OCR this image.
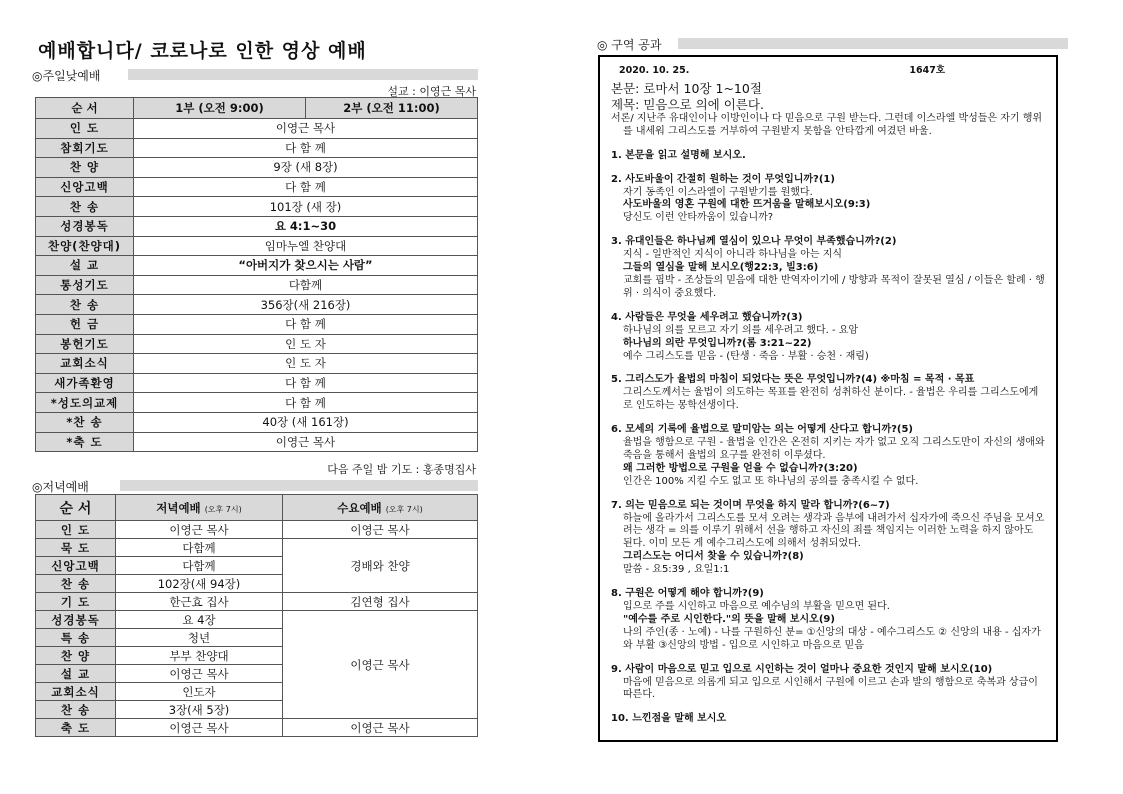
예배합니다/ 코로나로 인한 영상 예배
◎주일낮예배
설교 : 이영근 목사
순 서	1부 (오전 9:00)	2부 (오전 11:00)
인 도	이영근 목사	
참회기도	다 함 께	
찬 양	9장 (새 8장)	
신앙고백	다 함 께	
찬 송	101장 (새 장)	
성경봉독	요 4:1~30	
찬양(찬양대)	임마누엘 찬양대	
설 교	“아버지가 찾으시는 사람”	
통성기도	다함께	
찬 송	356장(새 216장)	
헌 금	다 함 께	
봉헌기도	인 도 자	
교회소식	인 도 자	
새가족환영	다 함 께	
*성도의교제	다 함 께	
*찬 송	40장 (새 161장)	
*축 도	이영근 목사	
다음 주일 밤 기도 : 홍종명집사
◎저녁예배
순 서	저녁예배 (오후 7시)	수요예배 (오후 7시)
인 도	이영근 목사	이영근 목사
묵 도	다함께	경배와 찬양
신앙고백	다함께	
찬 송	102장(새 94장)	
기 도	한근효 집사	김연형 집사
성경봉독	요 4장	이영근 목사
특 송	청년	
찬 양	부부 찬양대	
설 교	이영근 목사	
교회소식	인도자	
찬 송	3장(새 5장)	
축 도	이영근 목사	이영근 목사
◎ 구역 공과

2020. 10. 25.	1647호

본문: 로마서 10장 1~10절

제목: 믿음으로 의에 이른다.

서론/ 지난주 유대인이나 이방인이나 다 믿음으로 구원 받는다. 그런데 이스라엘 박성들은 자기 행위를 내세워 그리스도를 거부하여 구원받지 못함을 안타깝게 여겼던 바울.

1. 본문을 읽고 설명해 보시오.

2. 사도바울이 간절히 원하는 것이 무엇입니까?(1)

자기 동족인 이스라엘이 구원받기를 원했다.

사도바울의 영혼 구원에 대한 뜨거움을 말해보시오(9:3)

당신도 이런 안타까움이 있습니까?

3. 유대인들은 하나님께 열심이 있으나 무엇이 부족했습니까?(2)

지식 - 일반적인 지식이 아니라 하나님을 아는 지식

그들의 열심을 말해 보시오(행22:3, 빌3:6)

교회를 핍박 - 조상들의 믿음에 대한 반역자이기에 / 방향과 목적이 잘못된 열심 / 이들은 할례 · 행위 · 의식이 중요했다.

4. 사람들은 무엇을 세우려고 했습니까?(3)

하나님의 의를 모르고 자기 의를 세우려고 했다. - 요암

하나님의 의란 무엇입니까?(롬 3:21~22)

예수 그리스도를 믿음 - (탄생 · 죽음 · 부활 · 승천 · 재림)

5. 그리스도가 율법의 마침이 되었다는 뜻은 무엇입니까?(4) ※마침 = 목적 · 목표

그리스도께서는 율법이 의도하는 목표를 완전히 성취하신 분이다. - 율법은 우리를 그리스도에게로 인도하는 몽학선생이다.

6. 모세의 기록에 율법으로 말미암는 의는 어떻게 산다고 합니까?(5)

율법을 행함으로 구원 - 율법을 인간은 온전히 지키는 자가 없고 오직 그리스도만이 자신의 생애와 죽음을 통해서 율법의 요구를 완전히 이루셨다.

왜 그러한 방법으로 구원을 얻을 수 없습니까?(3:20)

인간은 100% 지킬 수도 없고 또 하나님의 공의를 충족시킬 수 없다.

7. 의는 믿음으로 되는 것이며 무엇을 하지 말라 합니까?(6~7)

하늘에 올라가서 그리스도를 모셔 오려는 생각과 음부에 내려가서 십자가에 죽으신 주님을 모셔오려는 생각 = 의를 이루기 위해서 선을 행하고 자신의 죄를 책임지는 이러한 노력을 하지 않아도 된다. 이미 모든 게 예수그리스도에 의해서 성취되었다.

그리스도는 어디서 찾을 수 있습니까?(8)

말씀 - 요5:39 , 요일1:1

8. 구원은 어떻게 해야 합니까?(9)

입으로 주를 시인하고 마음으로 예수님의 부활을 믿으면 된다.

"예수를 주로 시인한다."의 뜻을 말해 보시오(9)

나의 주인(종 · 노예) - 나를 구원하신 분= ①신앙의 대상 - 예수그리스도 ② 신앙의 내용 - 십자가와 부활 ③신앙의 방법 - 입으로 시인하고 마음으로 믿음

9. 사람이 마음으로 믿고 입으로 시인하는 것이 얼마나 중요한 것인지 말해 보시오(10)

마음에 믿음으로 의롭게 되고 입으로 시인해서 구원에 이르고 손과 발의 행함으로 축복과 상급이 따른다.

10. 느낀점을 말해 보시오
